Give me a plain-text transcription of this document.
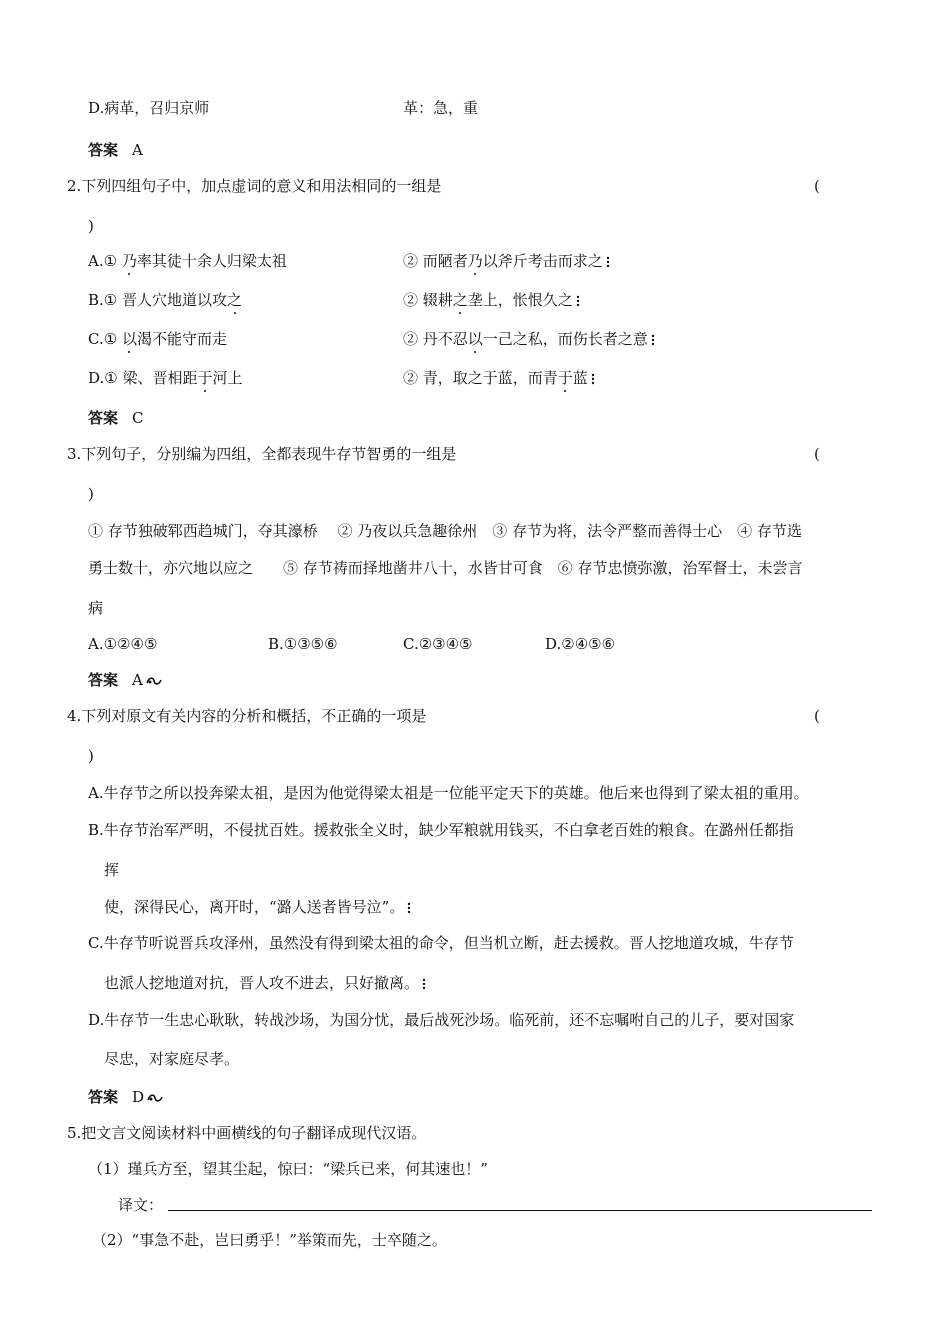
D.病革，召归京师	革：急，重
答案 A
2.下列四组句子中，加点虚词的意义和用法相同的一组是	(
)
A.① 乃率其徒十余人归梁太祖	② 而陋者乃以斧斤考击而求之
B.① 晋人穴地道以攻之	② 辍耕之垄上，怅恨久之
C.① 以渴不能守而走	② 丹不忍以一己之私，而伤长者之意
D.① 梁、晋相距于河上	② 青，取之于蓝，而青于蓝
答案 C
3.下列句子，分别编为四组，全都表现牛存节智勇的一组是	(
)
① 存节独破郓西趋城门，夺其濠桥　 ② 乃夜以兵急趣徐州　③ 存节为将，法令严整而善得士心　④ 存节选
勇士数十，亦穴地以应之　　⑤ 存节祷而择地凿井八十，水皆甘可食　⑥ 存节忠愤弥激，治军督士，未尝言
病
A.①②④⑤	B.①③⑤⑥	C.②③④⑤	D.②④⑤⑥
答案 A
4.下列对原文有关内容的分析和概括，不正确的一项是	(
)
A.牛存节之所以投奔梁太祖，是因为他觉得梁太祖是一位能平定天下的英雄。他后来也得到了梁太祖的重用。
B.牛存节治军严明，不侵扰百姓。援救张全义时，缺少军粮就用钱买，不白拿老百姓的粮食。在潞州任都指
挥
使，深得民心，离开时，“潞人送者皆号泣”。
C.牛存节听说晋兵攻泽州，虽然没有得到梁太祖的命令，但当机立断，赶去援救。晋人挖地道攻城，牛存节
也派人挖地道对抗，晋人攻不进去，只好撤离。
D.牛存节一生忠心耿耿，转战沙场，为国分忧，最后战死沙场。临死前，还不忘嘱咐自己的儿子，要对国家
尽忠，对家庭尽孝。
答案 D
5.把文言文阅读材料中画横线的句子翻译成现代汉语。
（1）瑾兵方至，望其尘起，惊曰：“梁兵已来，何其速也！”
译文：
（2）“事急不赴，岂曰勇乎！”举策而先，士卒随之。
